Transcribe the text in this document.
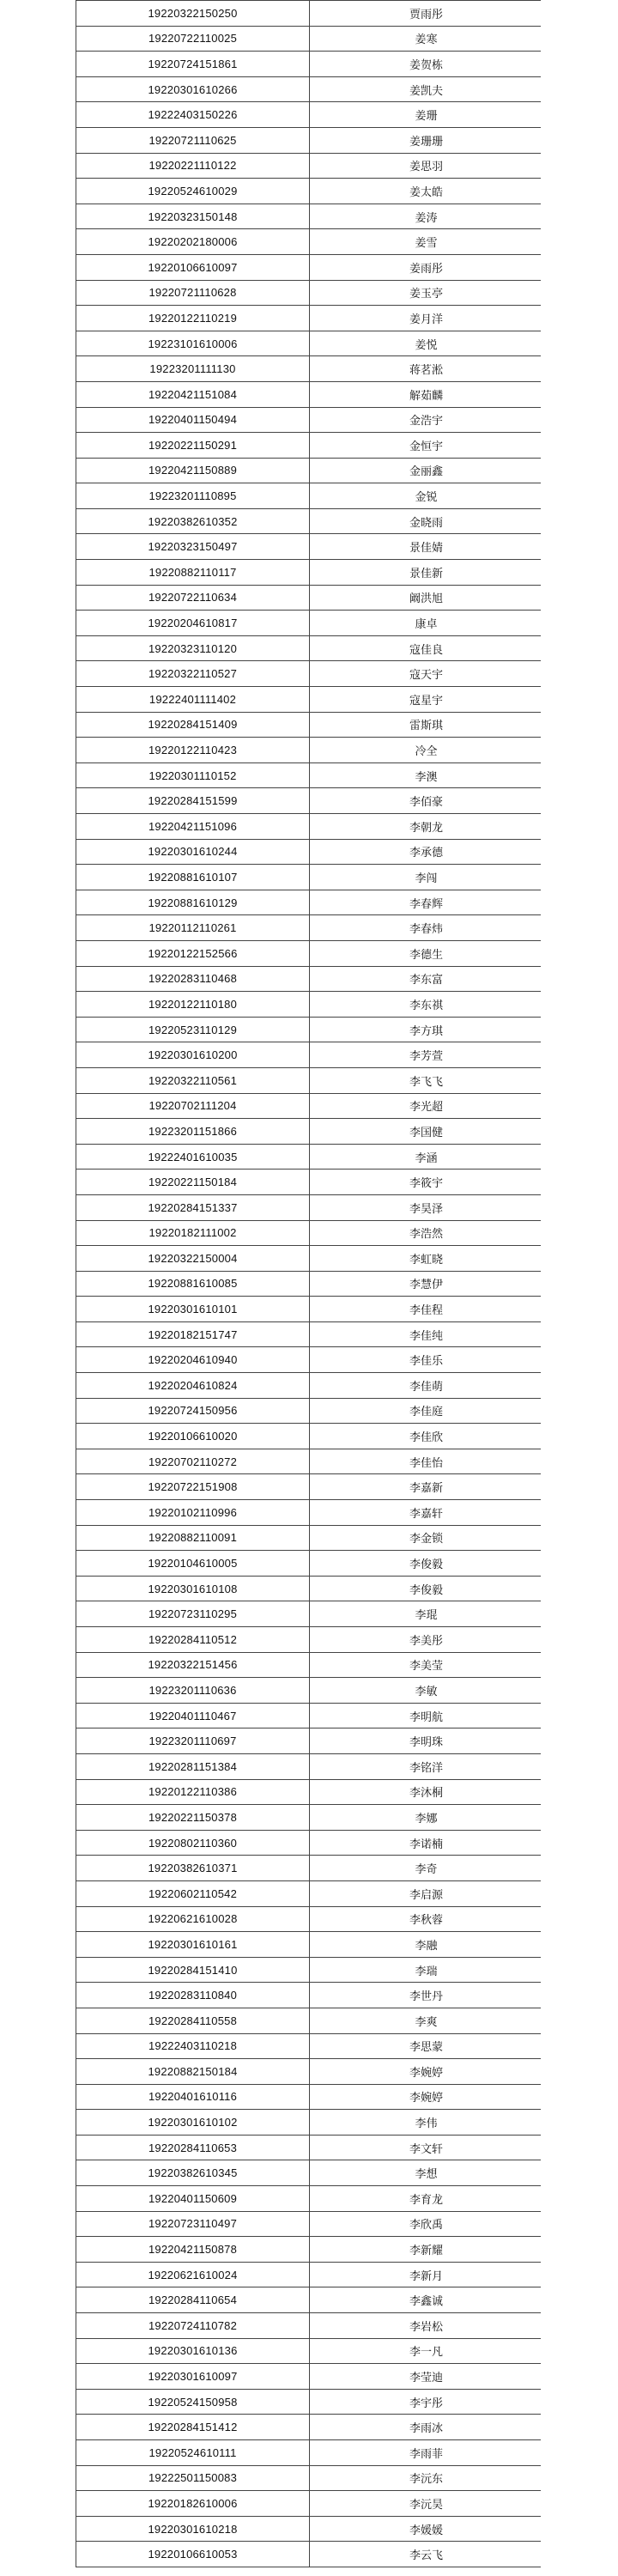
19220322150250	贾雨彤
19220722110025	姜寒
19220724151861	姜贺栋
19220301610266	姜凯夫
19222403150226	姜珊
19220721110625	姜珊珊
19220221110122	姜思羽
19220524610029	姜太皓
19220323150148	姜涛
19220202180006	姜雪
19220106610097	姜雨彤
19220721110628	姜玉亭
19220122110219	姜月洋
19223101610006	姜悦
19223201111130	蒋茗淞
19220421151084	解茹麟
19220401150494	金浩宇
19220221150291	金恒宇
19220421150889	金丽鑫
19223201110895	金锐
19220382610352	金晓雨
19220323150497	景佳婧
19220882110117	景佳新
19220722110634	阚洪旭
19220204610817	康卓
19220323110120	寇佳良
19220322110527	寇天宇
19222401111402	寇星宇
19220284151409	雷斯琪
19220122110423	冷全
19220301110152	李澳
19220284151599	李佰豪
19220421151096	李朝龙
19220301610244	李承德
19220881610107	李闯
19220881610129	李春辉
19220112110261	李春炜
19220122152566	李德生
19220283110468	李东富
19220122110180	李东祺
19220523110129	李方琪
19220301610200	李芳萱
19220322110561	李飞飞
19220702111204	李光超
19223201151866	李国健
19222401610035	李涵
19220221150184	李筱宇
19220284151337	李昊泽
19220182111002	李浩然
19220322150004	李虹晓
19220881610085	李慧伊
19220301610101	李佳程
19220182151747	李佳纯
19220204610940	李佳乐
19220204610824	李佳萌
19220724150956	李佳庭
19220106610020	李佳欣
19220702110272	李佳怡
19220722151908	李嘉新
19220102110996	李嘉轩
19220882110091	李金锁
19220104610005	李俊毅
19220301610108	李俊毅
19220723110295	李琨
19220284110512	李美彤
19220322151456	李美莹
19223201110636	李敏
19220401110467	李明航
19223201110697	李明珠
19220281151384	李铭洋
19220122110386	李沐桐
19220221150378	李娜
19220802110360	李诺楠
19220382610371	李奇
19220602110542	李启源
19220621610028	李秋蓉
19220301610161	李融
19220284151410	李瑞
19220283110840	李世丹
19220284110558	李爽
19222403110218	李思蒙
19220882150184	李婉婷
19220401610116	李婉婷
19220301610102	李伟
19220284110653	李文轩
19220382610345	李想
19220401150609	李育龙
19220723110497	李欣禹
19220421150878	李新耀
19220621610024	李新月
19220284110654	李鑫诚
19220724110782	李岩松
19220301610136	李一凡
19220301610097	李莹迪
19220524150958	李宇彤
19220284151412	李雨冰
19220524610111	李雨菲
19222501150083	李沅东
19220182610006	李沅昊
19220301610218	李媛媛
19220106610053	李云飞
